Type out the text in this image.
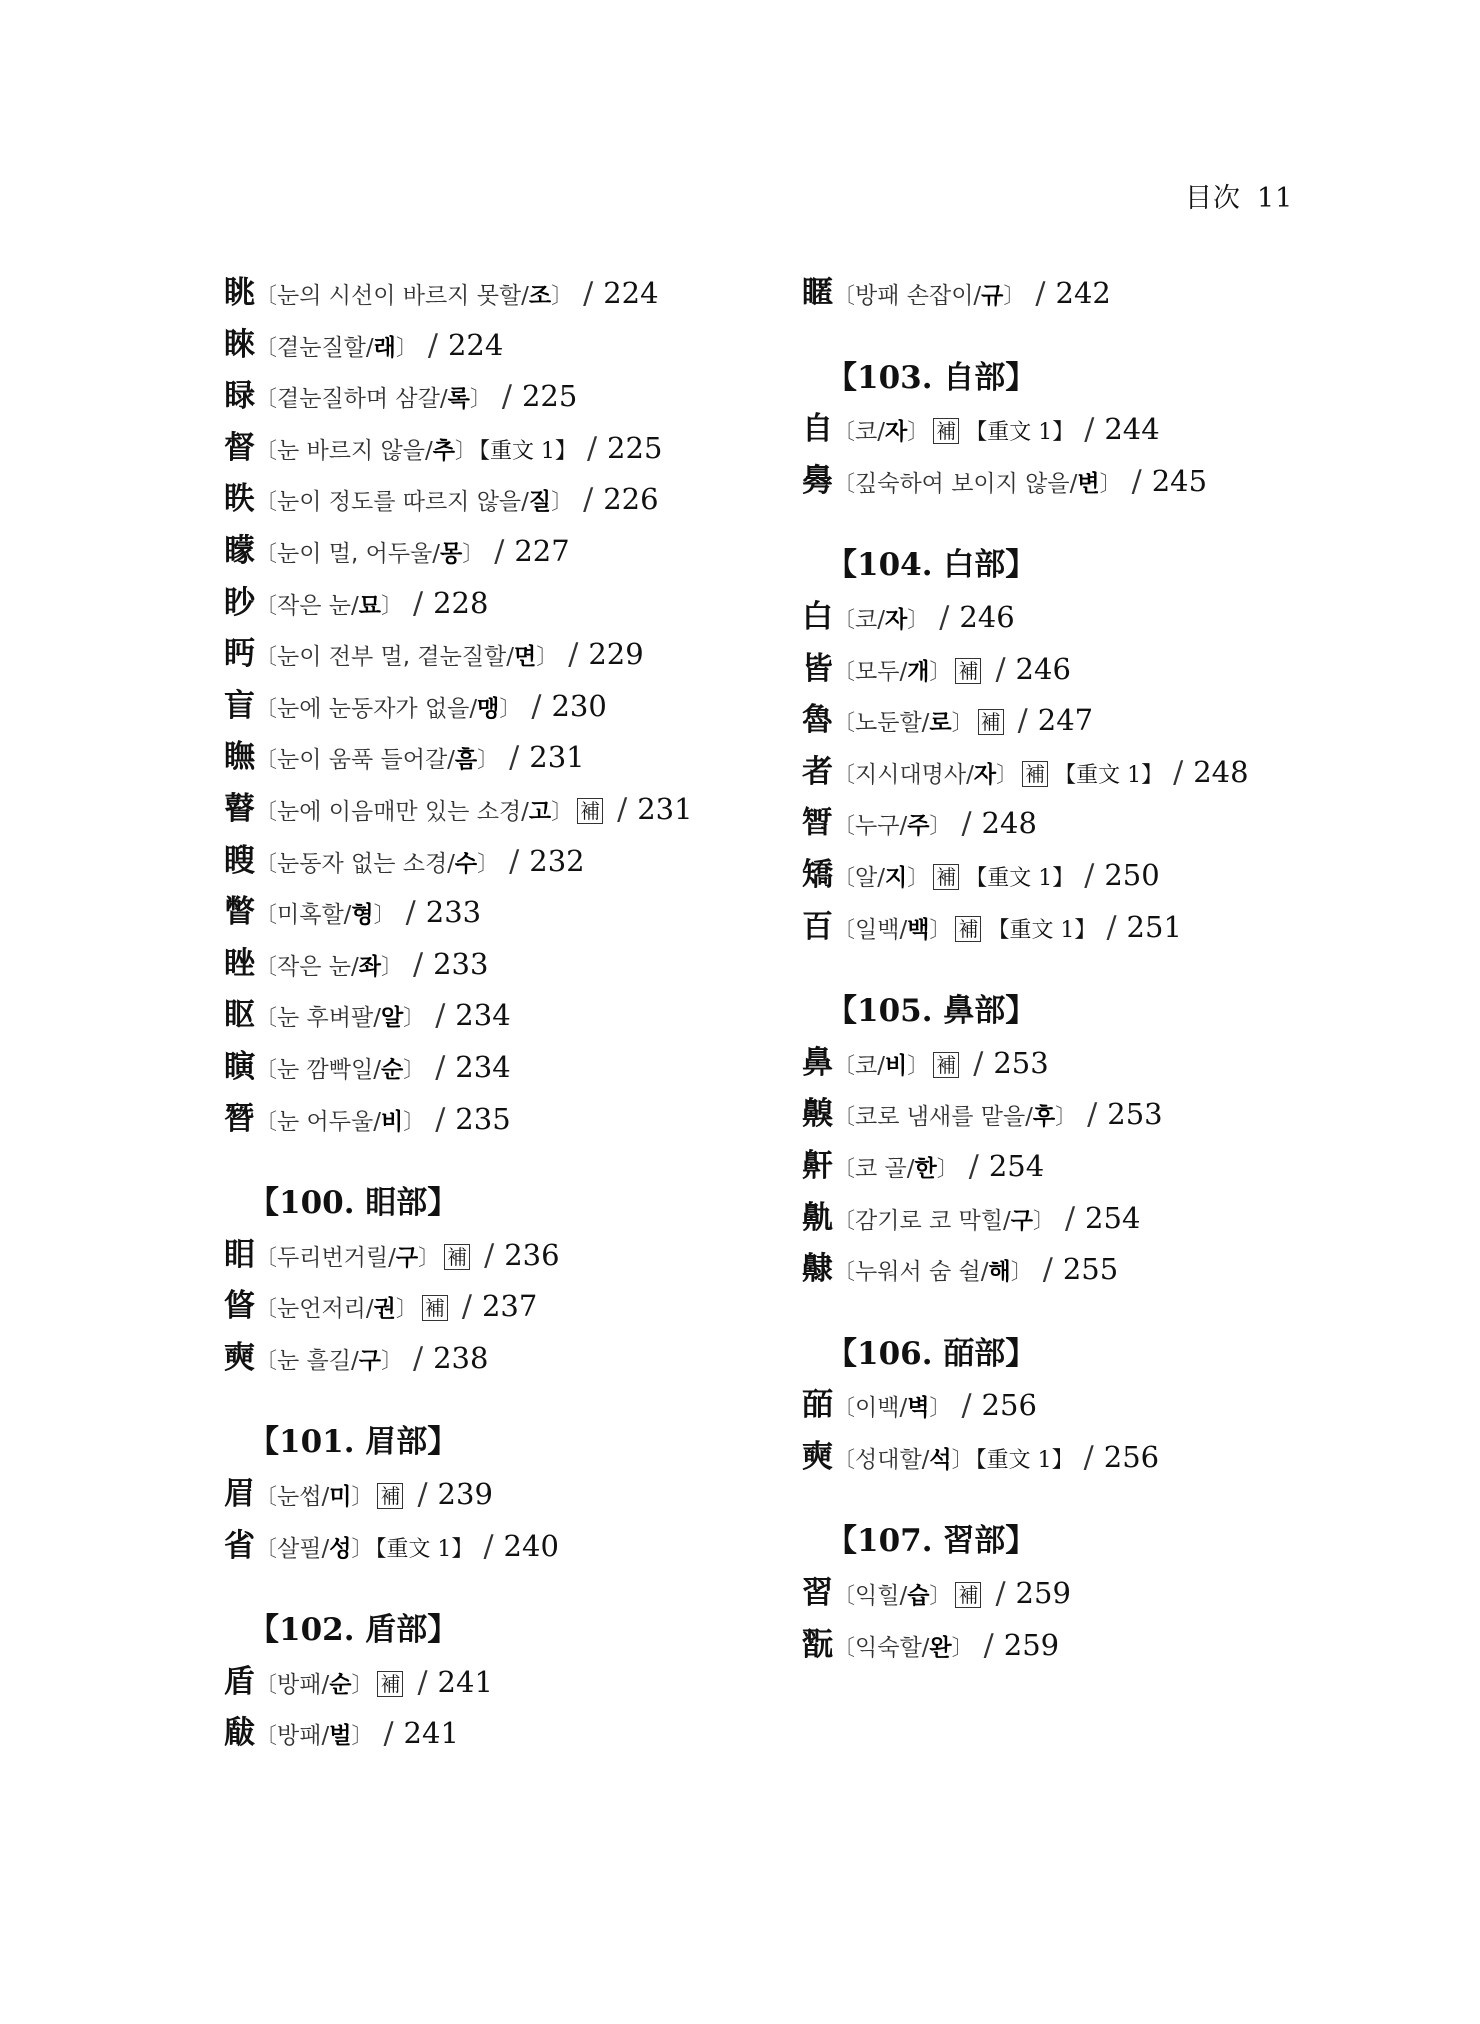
目次 11
眺〔눈의 시선이 바르지 못할/조〕 / 224
睞〔곁눈질할/래〕 / 224
睩〔곁눈질하며 삼갈/록〕 / 225
督〔눈 바르지 않을/추〕【重文 1】 / 225
眣〔눈이 정도를 따르지 않을/질〕 / 226
矇〔눈이 멀, 어두울/몽〕 / 227
眇〔작은 눈/묘〕 / 228
眄〔눈이 전부 멀, 곁눈질할/면〕 / 229
盲〔눈에 눈동자가 없을/맹〕 / 230
瞴〔눈이 움푹 들어갈/흠〕 / 231
瞽〔눈에 이음매만 있는 소경/고〕 補 / 231
瞍〔눈동자 없는 소경/수〕 / 232
瞥〔미혹할/형〕 / 233
睉〔작은 눈/좌〕 / 233
眍〔눈 후벼팔/알〕 / 234
瞚〔눈 깜빡일/순〕 / 234
朁〔눈 어두울/비〕 / 235
【100. 䀠部】
䀠〔두리번거릴/구〕 補 / 236
䀺〔눈언저리/권〕 補 / 237
奭〔눈 흘길/구〕 / 238
【101. 眉部】
眉〔눈썹/미〕 補 / 239
省〔살필/성〕【重文 1】 / 240
【102. 盾部】
盾〔방패/순〕 補 / 241
瞂〔방패/벌〕 / 241
䁥〔방패 손잡이/규〕 / 242
【103. 自部】
自〔코/자〕 補 【重文 1】 / 244
臱〔깊숙하여 보이지 않을/변〕 / 245
【104. 白部】
白〔코/자〕 / 246
皆〔모두/개〕 補 / 246
魯〔노둔할/로〕 補 / 247
者〔지시대명사/자〕 補 【重文 1】 / 248
𣉻〔누구/주〕 / 248
矯〔알/지〕 補 【重文 1】 / 250
百〔일백/백〕 補 【重文 1】 / 251
【105. 鼻部】
鼻〔코/비〕 補 / 253
齅〔코로 냄새를 맡을/후〕 / 253
鼾〔코 골/한〕 / 254
鼽〔감기로 코 막힐/구〕 / 254
齂〔누워서 숨 쉴/해〕 / 255
【106. 皕部】
皕〔이백/벽〕 / 256
奭〔성대할/석〕【重文 1】 / 256
【107. 習部】
習〔익힐/습〕 補 / 259
翫〔익숙할/완〕 / 259
